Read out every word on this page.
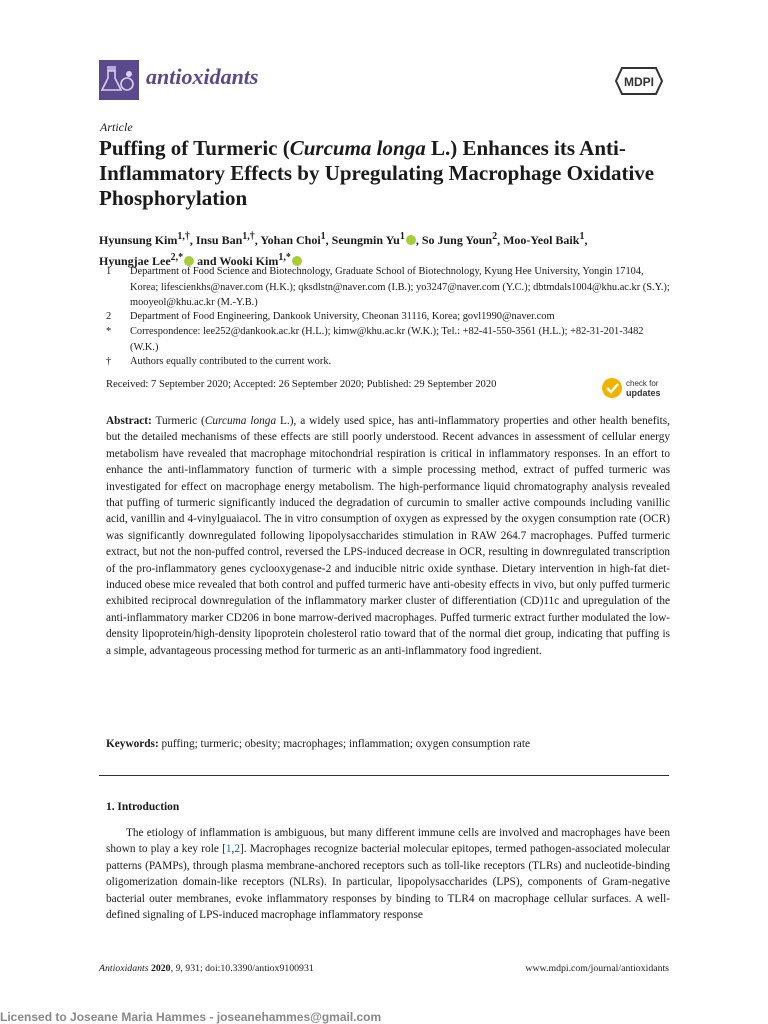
antioxidants	MDPI
Article
Puffing of Turmeric (Curcuma longa L.) Enhances its Anti-Inflammatory Effects by Upregulating Macrophage Oxidative Phosphorylation
Hyunsung Kim$^{1,\dagger}$, Insu Ban$^{1,\dagger}$, Yohan Choi$^1$, Seungmin Yu$^1$ , So Jung Youn$^2$, Moo-Yeol Baik$^1$,
Hyungjae Lee$^{2,*}$ and Wooki Kim$^{1,*}$
1 Department of Food Science and Biotechnology, Graduate School of Biotechnology, Kyung Hee University, Yongin 17104, Korea; lifescienkhs@naver.com (H.K.); qksdlstn@naver.com (I.B.); yo3247@naver.com (Y.C.); dbtmdals1004@khu.ac.kr (S.Y.); mooyeol@khu.ac.kr (M.-Y.B.)
2 Department of Food Engineering, Dankook University, Cheonan 31116, Korea; govl1990@naver.com
* Correspondence: lee252@dankook.ac.kr (H.L.); kimw@khu.ac.kr (W.K.); Tel.: +82-41-550-3561 (H.L.); +82-31-201-3482 (W.K.)
† Authors equally contributed to the current work.
Received: 7 September 2020; Accepted: 26 September 2020; Published: 29 September 2020	check for
updates
Abstract: Turmeric (Curcuma longa L.), a widely used spice, has anti-inflammatory properties and other health benefits, but the detailed mechanisms of these effects are still poorly understood. Recent advances in assessment of cellular energy metabolism have revealed that macrophage mitochondrial respiration is critical in inflammatory responses. In an effort to enhance the anti-inflammatory function of turmeric with a simple processing method, extract of puffed turmeric was investigated for effect on macrophage energy metabolism. The high-performance liquid chromatography analysis revealed that puffing of turmeric significantly induced the degradation of curcumin to smaller active compounds including vanillic acid, vanillin and 4-vinylguaiacol. The in vitro consumption of oxygen as expressed by the oxygen consumption rate (OCR) was significantly downregulated following lipopolysaccharides stimulation in RAW 264.7 macrophages. Puffed turmeric extract, but not the non-puffed control, reversed the LPS-induced decrease in OCR, resulting in downregulated transcription of the pro-inflammatory genes cyclooxygenase-2 and inducible nitric oxide synthase. Dietary intervention in high-fat diet-induced obese mice revealed that both control and puffed turmeric have anti-obesity effects in vivo, but only puffed turmeric exhibited reciprocal downregulation of the inflammatory marker cluster of differentiation (CD)11c and upregulation of the anti-inflammatory marker CD206 in bone marrow-derived macrophages. Puffed turmeric extract further modulated the low-density lipoprotein/high-density lipoprotein cholesterol ratio toward that of the normal diet group, indicating that puffing is a simple, advantageous processing method for turmeric as an anti-inflammatory food ingredient.
Keywords: puffing; turmeric; obesity; macrophages; inflammation; oxygen consumption rate
1. Introduction
The etiology of inflammation is ambiguous, but many different immune cells are involved and macrophages have been shown to play a key role [1,2]. Macrophages recognize bacterial molecular epitopes, termed pathogen-associated molecular patterns (PAMPs), through plasma membrane-anchored receptors such as toll-like receptors (TLRs) and nucleotide-binding oligomerization domain-like receptors (NLRs). In particular, lipopolysaccharides (LPS), components of Gram-negative bacterial outer membranes, evoke inflammatory responses by binding to TLR4 on macrophage cellular surfaces. A well-defined signaling of LPS-induced macrophage inflammatory response
Antioxidants 2020, 9, 931; doi:10.3390/antiox9100931	www.mdpi.com/journal/antioxidants
Licensed to Joseane Maria Hammes - joseanehammes@gmail.com
